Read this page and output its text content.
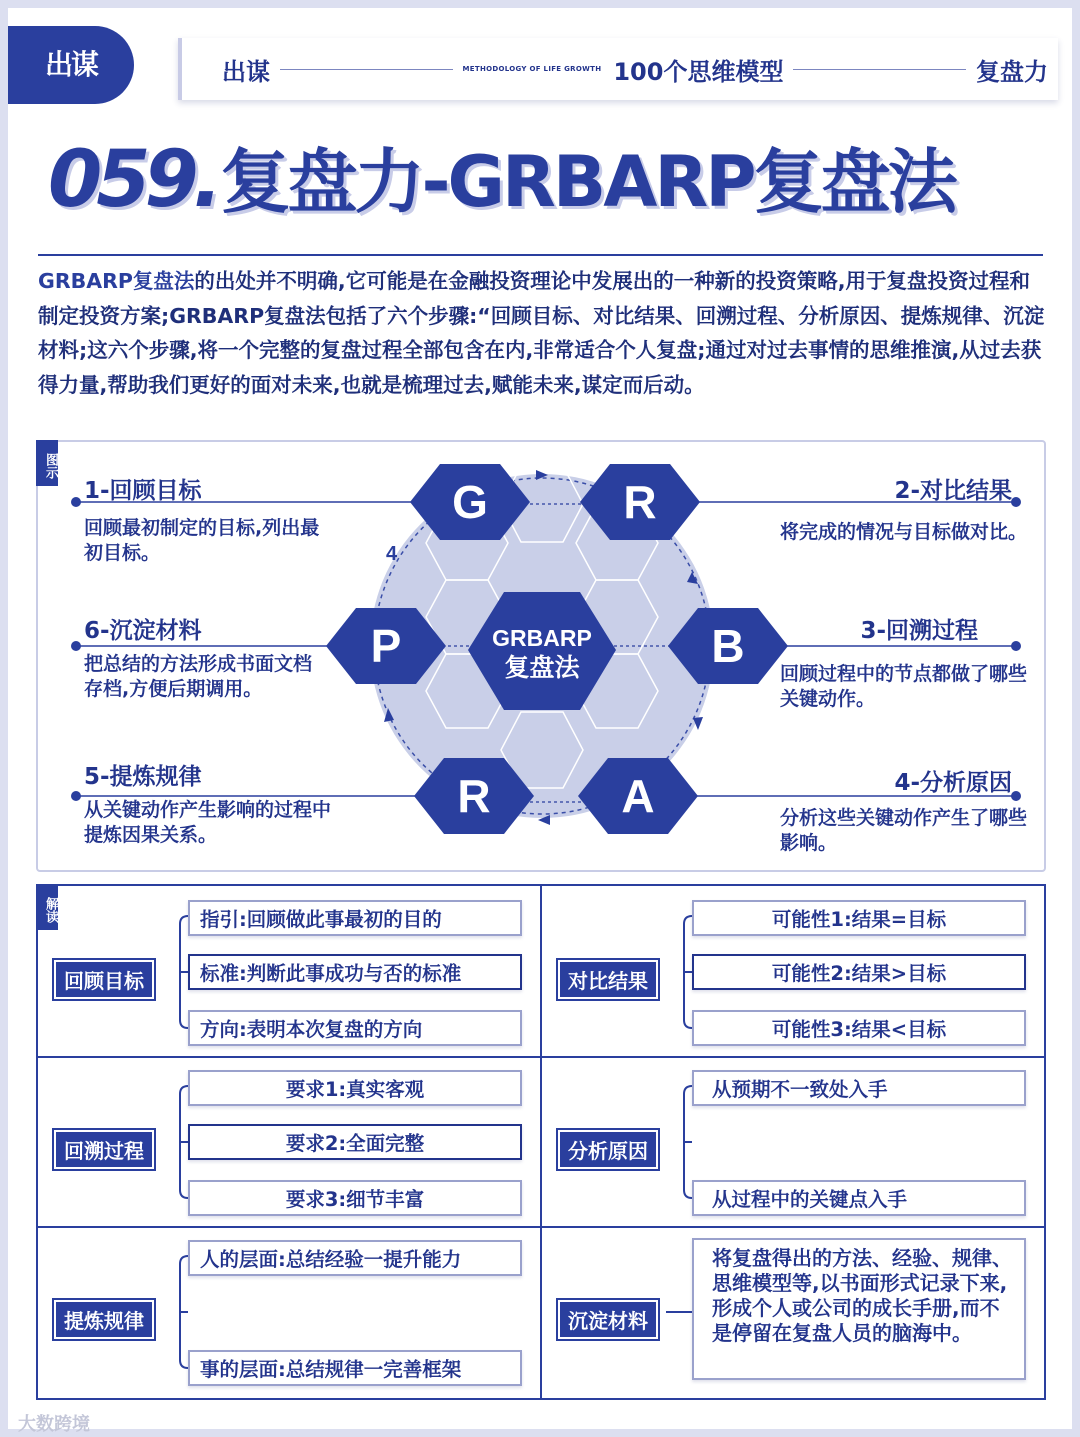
出谋	出谋	METHODOLOGY OF LIFE GROWTH 100个思维模型	复盘力
059. 复盘力-GRBARP复盘法
GRBARP复盘法的出处并不明确,它可能是在金融投资理论中发展出的一种新的投资策略,用于复盘投资过程和制定投资方案;GRBARP复盘法包括了六个步骤:“回顾目标、对比结果、回溯过程、分析原因、提炼规律、沉淀材料;这六个步骤,将一个完整的复盘过程全部包含在内,非常适合个人复盘;通过对过去事情的思维推演,从过去获得力量,帮助我们更好的面对未来,也就是梳理过去,赋能未来,谋定而后动。
GRBARP
复盘法
4
G	R
P	B
R	A
图示
1-回顾目标
回顾最初制定的目标,列出最初目标。
2-对比结果
将完成的情况与目标做对比。
3-回溯过程
回顾过程中的节点都做了哪些关键动作。
6-沉淀材料
把总结的方法形成书面文档存档,方便后期调用。
5-提炼规律
从关键动作产生影响的过程中提炼因果关系。
4-分析原因
分析这些关键动作产生了哪些影响。
解读
回顾目标
指引:回顾做此事最初的目的
标准:判断此事成功与否的标准
方向:表明本次复盘的方向
对比结果
可能性1:结果=目标
可能性2:结果>目标
可能性3:结果<目标
回溯过程
要求1:真实客观
要求2:全面完整
要求3:细节丰富
分析原因
从预期不一致处入手
从过程中的关键点入手
提炼规律
人的层面:总结经验一提升能力
事的层面:总结规律一完善框架
沉淀材料
将复盘得出的方法、经验、规律、思维模型等,以书面形式记录下来,形成个人或公司的成长手册,而不是停留在复盘人员的脑海中。
大数跨境
